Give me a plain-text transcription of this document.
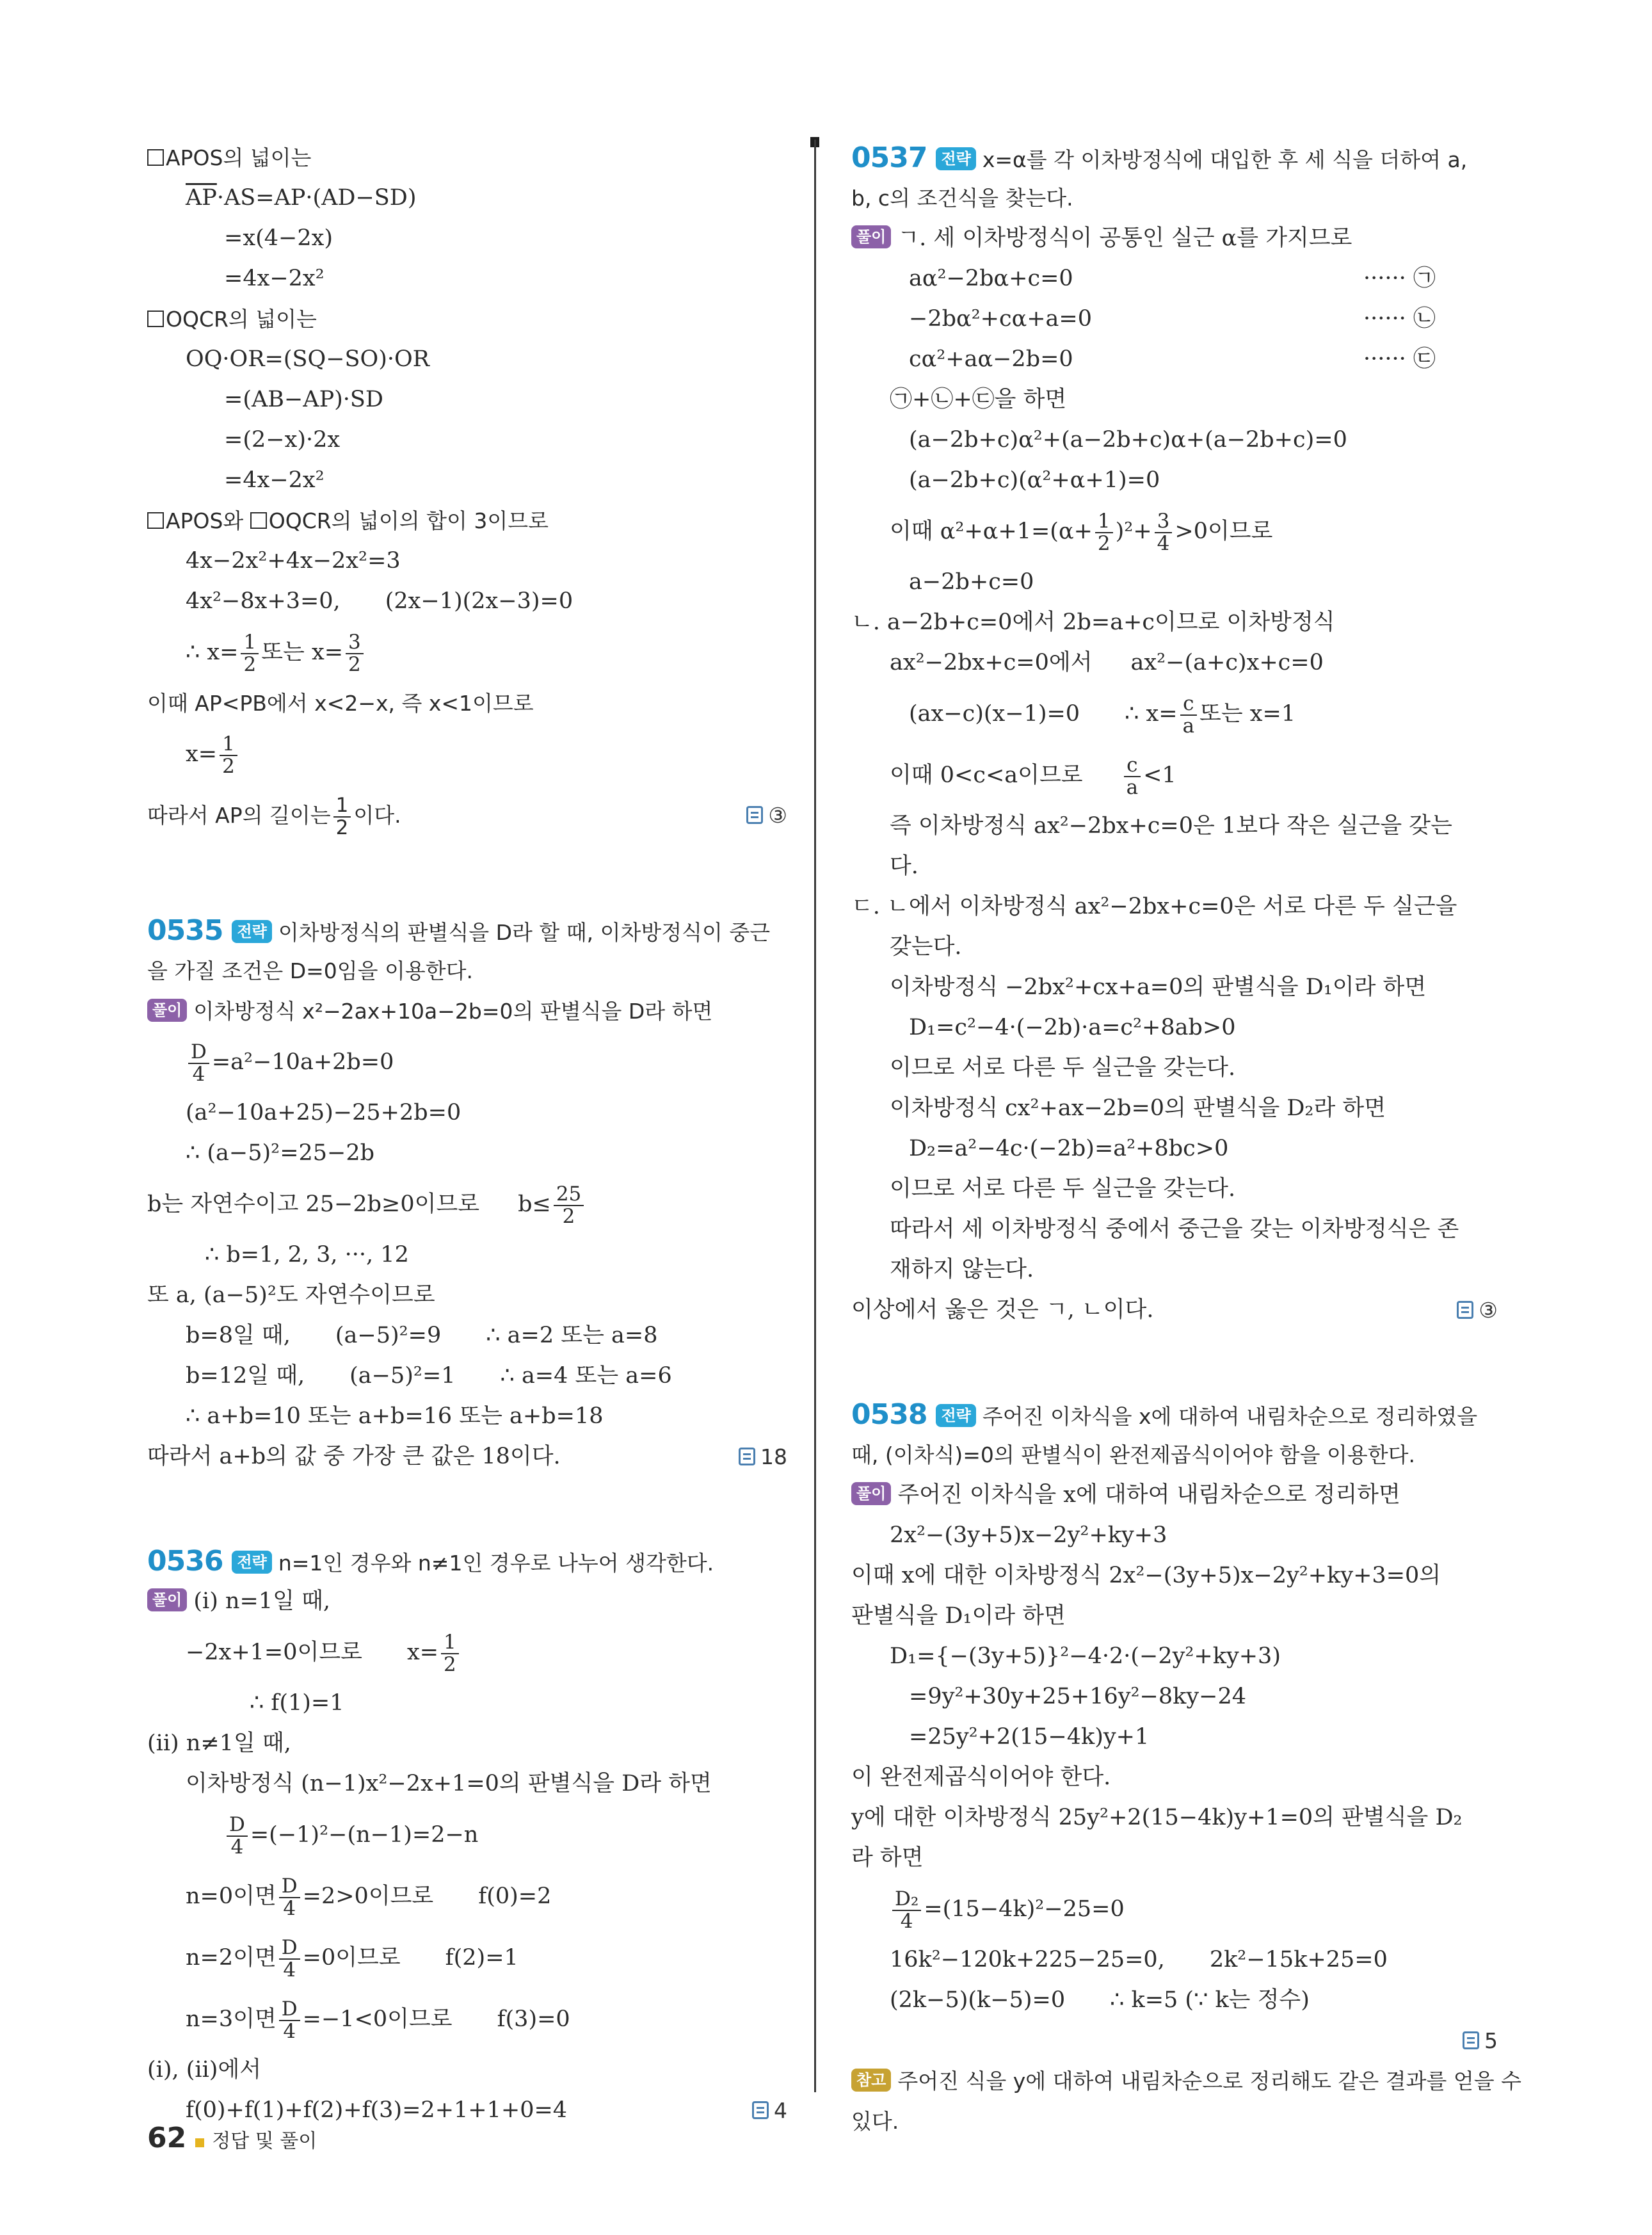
APOS의 넓이는
$\overline{AP}\cdot AS=AP\cdot(AD-SD)$
=x(4−2x)
=4x−2x²
OQCR의 넓이는
OQ·OR=(SQ−SO)·OR
=(AB−AP)·SD
=(2−x)·2x
=4x−2x²
APOS와 OQCR의 넓이의 합이 3이므로
4x−2x²+4x−2x²=3
4x²−8x+3=0, (2x−1)(2x−3)=0
∴ $x= \frac{1}{2}$ 또는 $x= \frac{3}{2}$
이때 AP<PB에서 x<2−x, 즉 x<1이므로
$x= \frac{1}{2}$
따라서 AP의 길이는 $\frac{1}{2}$ 이다.	③
0535 전략 이차방정식의 판별식을 D라 할 때, 이차방정식이 중근
을 가질 조건은 D=0임을 이용한다.
풀이 이차방정식 x²−2ax+10a−2b=0의 판별식을 D라 하면
$\frac{D}{4} =a^2-10a+2b=0$
(a²−10a+25)−25+2b=0
∴ (a−5)²=25−2b
b는 자연수이고 25−2b≥0이므로 $b\le \frac{25}{2}$
∴ b=1, 2, 3, ···, 12
또 a, (a−5)²도 자연수이므로
b=8일 때, (a−5)²=9 ∴ a=2 또는 a=8
b=12일 때, (a−5)²=1 ∴ a=4 또는 a=6
∴ a+b=10 또는 a+b=16 또는 a+b=18
따라서 a+b의 값 중 가장 큰 값은 18이다.	18
0536 전략 n=1인 경우와 n≠1인 경우로 나누어 생각한다.
풀이 (i) n=1일 때,
−2x+1=0이므로 $x= \frac{1}{2}$
∴ f(1)=1
(ii) n≠1일 때,
이차방정식 (n−1)x²−2x+1=0의 판별식을 D라 하면
$\frac{D}{4} =(-1)^2-(n-1)=2-n$
n=0이면 $\frac{D}{4} =2>0$이므로 f(0)=2
n=2이면 $\frac{D}{4} =0$이므로 f(2)=1
n=3이면 $\frac{D}{4} =-1<0$이므로 f(3)=0
(i), (ii)에서
f(0)+f(1)+f(2)+f(3)=2+1+1+0=4	4
0537 전략 x=α를 각 이차방정식에 대입한 후 세 식을 더하여 a,
b, c의 조건식을 찾는다.
풀이 ㄱ. 세 이차방정식이 공통인 실근 α를 가지므로
aα²−2bα+c=0	······ ㉠
−2bα²+cα+a=0	······ ㉡
cα²+aα−2b=0	······ ㉢
㉠+㉡+㉢을 하면
(a−2b+c)α²+(a−2b+c)α+(a−2b+c)=0
(a−2b+c)(α²+α+1)=0
이때 $\alpha^2+\alpha+1=(\alpha+ \frac{1}{2} )^2+ \frac{3}{4} >0$이므로
a−2b+c=0
ㄴ. a−2b+c=0에서 2b=a+c이므로 이차방정식
ax²−2bx+c=0에서 ax²−(a+c)x+c=0
(ax−c)(x−1)=0 ∴ $x= \frac{c}{a}$ 또는 x=1
이때 0<c<a이므로 $\frac{c}{a} <1$
즉 이차방정식 ax²−2bx+c=0은 1보다 작은 실근을 갖는
다.
ㄷ. ㄴ에서 이차방정식 ax²−2bx+c=0은 서로 다른 두 실근을
갖는다.
이차방정식 −2bx²+cx+a=0의 판별식을 D₁이라 하면
D₁=c²−4·(−2b)·a=c²+8ab>0
이므로 서로 다른 두 실근을 갖는다.
이차방정식 cx²+ax−2b=0의 판별식을 D₂라 하면
D₂=a²−4c·(−2b)=a²+8bc>0
이므로 서로 다른 두 실근을 갖는다.
따라서 세 이차방정식 중에서 중근을 갖는 이차방정식은 존
재하지 않는다.
이상에서 옳은 것은 ㄱ, ㄴ이다.	③
0538 전략 주어진 이차식을 x에 대하여 내림차순으로 정리하였을
때, (이차식)=0의 판별식이 완전제곱식이어야 함을 이용한다.
풀이 주어진 이차식을 x에 대하여 내림차순으로 정리하면
2x²−(3y+5)x−2y²+ky+3
이때 x에 대한 이차방정식 2x²−(3y+5)x−2y²+ky+3=0의
판별식을 D₁이라 하면
D₁={−(3y+5)}²−4·2·(−2y²+ky+3)
=9y²+30y+25+16y²−8ky−24
=25y²+2(15−4k)y+1
이 완전제곱식이어야 한다.
y에 대한 이차방정식 25y²+2(15−4k)y+1=0의 판별식을 D₂
라 하면
$\frac{\text{D₂}}{4} =(15-4k)^2-25=0$
16k²−120k+225−25=0, 2k²−15k+25=0
(2k−5)(k−5)=0 ∴ k=5 (∵ k는 정수)
5
참고 주어진 식을 y에 대하여 내림차순으로 정리해도 같은 결과를 얻을 수
있다.
62 정답 및 풀이
